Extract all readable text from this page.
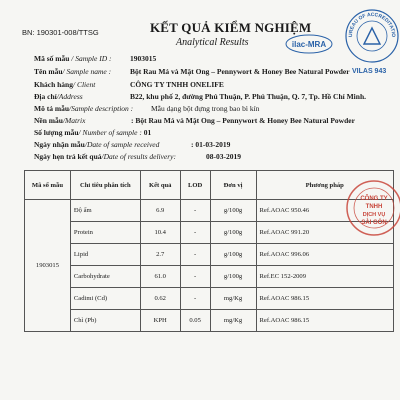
BN: 190301-008/TTSG	KẾT QUẢ KIỂM NGHIỆM
Analytical Results	ilac-MRA
UREAU OF ACCREDITATIO
VILAS 943
Mã số mẫu / Sample ID : 1903015
Tên mẫu/ Sample name :	Bột Rau Má và Mật Ong – Pennywort & Honey Bee Natural Powder
Khách hàng/ Client	CÔNG TY TNHH ONELIFE
Địa chỉ/Address	B22, khu phố 2, đường Phú Thuận, P. Phú Thuận, Q. 7, Tp. Hồ Chí Minh.
Mô tả mẫu/Sample description : Mẫu dạng bột đựng trong bao bì kín
Nền mẫu/Matrix	: Bột Rau Má và Mật Ong – Pennywort & Honey Bee Natural Powder
Số lượng mẫu/ Number of sample : 01
Ngày nhận mẫu/Date of sample received	: 01-03-2019
Ngày hẹn trả kết quả/Date of results delivery:	08-03-2019
Mã số mẫu	Chỉ tiêu phân tích	Kết quả	LOD	Đơn vị	Phương pháp
1903015	Độ ẩm	6.9	-	g/100g	Ref.AOAC 950.46
	Protein	10.4	-	g/100g	Ref.AOAC 991.20
	Lipid	2.7	-	g/100g	Ref.AOAC 996.06
	Carbohydrate	61.0	-	g/100g	Ref.EC 152-2009
	Cadimi (Cd)	0.62	-	mg/Kg	Ref.AOAC 986.15
	Chì (Pb)	KPH	0.05	mg/Kg	Ref.AOAC 986.15
CÔNG TY
TNHH
DỊCH VỤ
SÀI GÒN
